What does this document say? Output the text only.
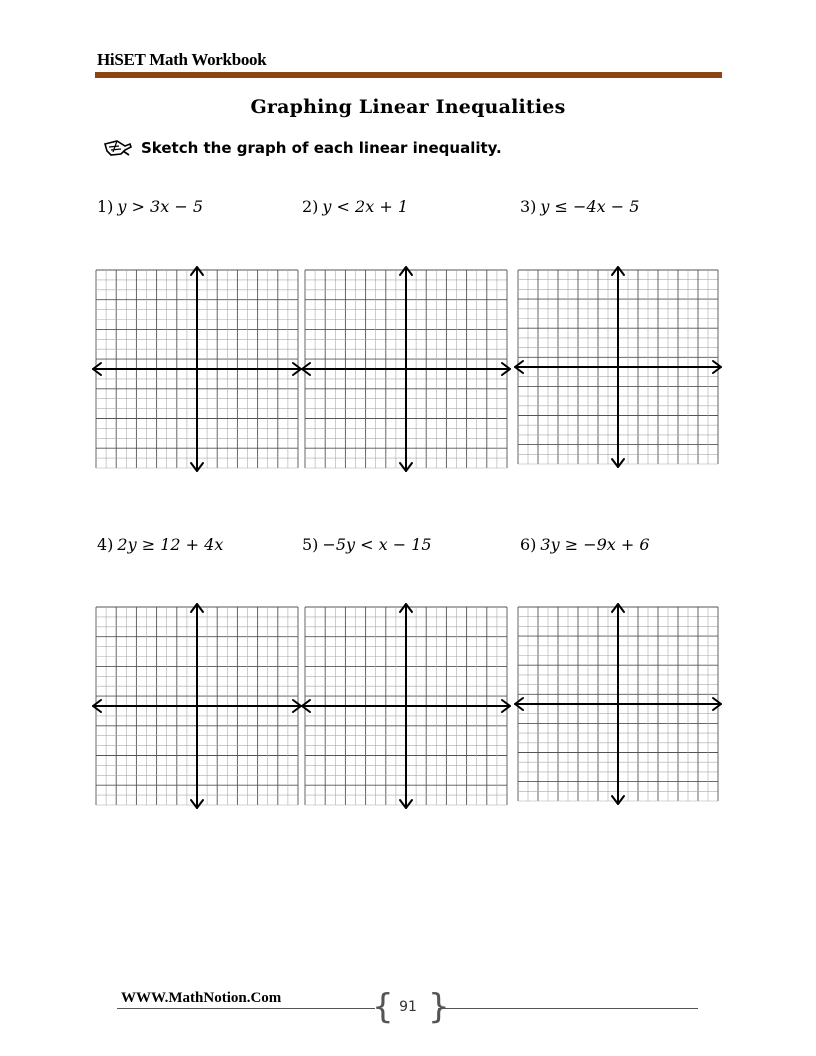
HiSET Math Workbook
Graphing Linear Inequalities
Sketch the graph of each linear inequality.
1) y > 3x − 5	2) y < 2x + 1	3) y ≤ −4x − 5
4) 2y ≥ 12 + 4x	5) −5y < x − 15	6) 3y ≥ −9x + 6
WWW.MathNotion.Com	{ }
91
